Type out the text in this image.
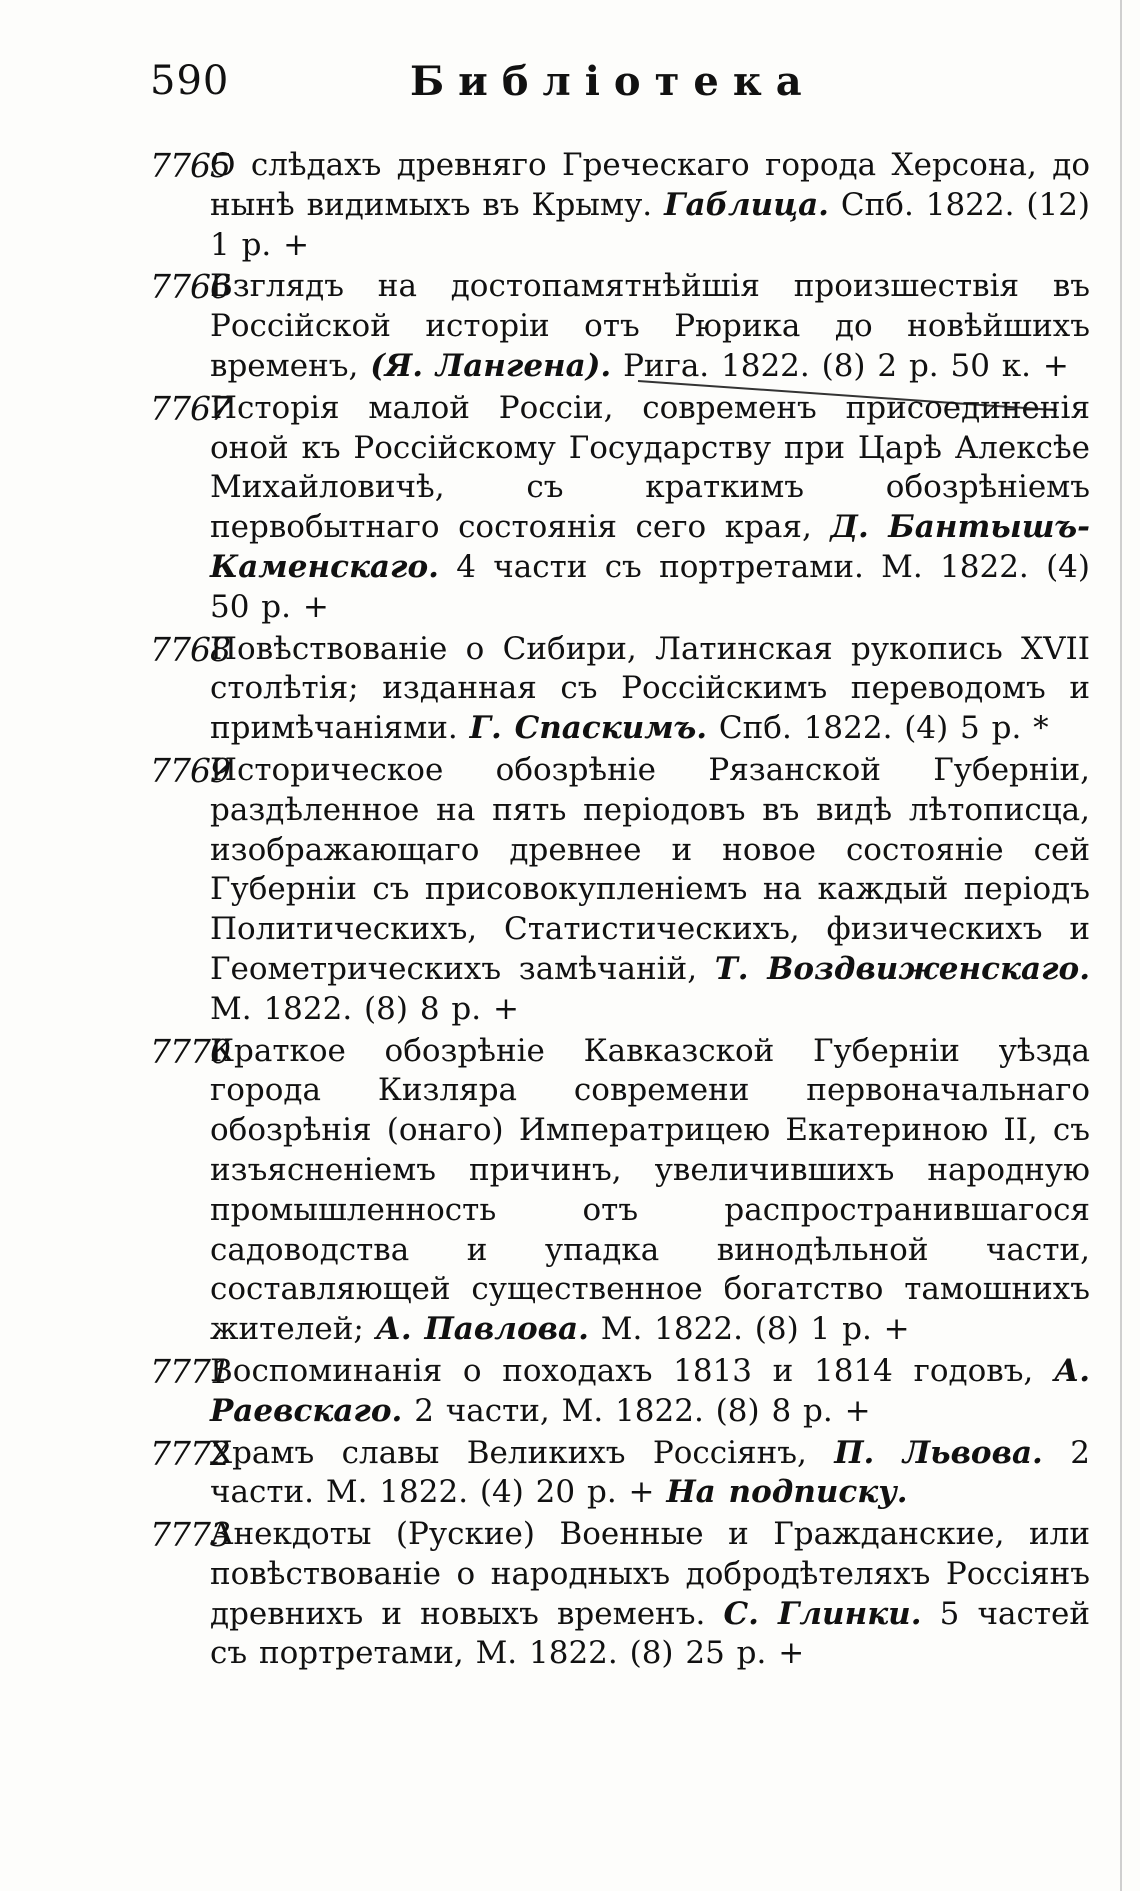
590	Библіотека
7765
О слѣдахъ древняго Греческаго города Херсона, до нынѣ видимыхъ въ Крыму. Габлица. Спб. 1822. (12) 1 р. +
7766
Взглядъ на достопамятнѣйшія произшествія въ Россійской исторіи отъ Рюрика до новѣйшихъ временъ, (Я. Лангена). Рига. 1822. (8) 2 р. 50 к. +
7767
Исторія малой Россіи, современъ присоединенія оной къ Россійскому Государству при Царѣ Алексѣе Михайловичѣ, съ краткимъ обозрѣніемъ первобытнаго состоянія сего края, Д. Бантышъ-Каменскаго. 4 части съ портретами. М. 1822. (4) 50 р. +
7768
Повѣствованіе о Сибири, Латинская рукопись XVII столѣтія; изданная съ Россійскимъ переводомъ и примѣчаніями. Г. Спаскимъ. Спб. 1822. (4) 5 р. *
7769
Историческое обозрѣніе Рязанской Губерніи, раздѣленное на пять періодовъ въ видѣ лѣтописца, изображающаго древнее и новое состояніе сей Губерніи съ присовокупленіемъ на каждый періодъ Политическихъ, Статистическихъ, физическихъ и Геометрическихъ замѣчаній, Т. Воздвиженскаго. М. 1822. (8) 8 р. +
7770
Краткое обозрѣніе Кавказской Губерніи уѣзда города Кизляра современи первоначальнаго обозрѣнія (онаго) Императрицею Екатериною II, съ изъясненіемъ причинъ, увеличившихъ народную промышленность отъ распространившагося садоводства и упадка винодѣльной части, составляющей существенное богатство тамошнихъ жителей; А. Павлова. М. 1822. (8) 1 р. +
7771
Воспоминанія о походахъ 1813 и 1814 годовъ, А. Раевскаго. 2 части, М. 1822. (8) 8 р. +
7772
Храмъ славы Великихъ Россіянъ, П. Львова. 2 части. М. 1822. (4) 20 р. + На подписку.
7773
Анекдоты (Руские) Военные и Гражданские, или повѣствованіе о народныхъ добродѣтеляхъ Россіянъ древнихъ и новыхъ временъ. С. Глинки. 5 частей съ портретами, М. 1822. (8) 25 р. +
